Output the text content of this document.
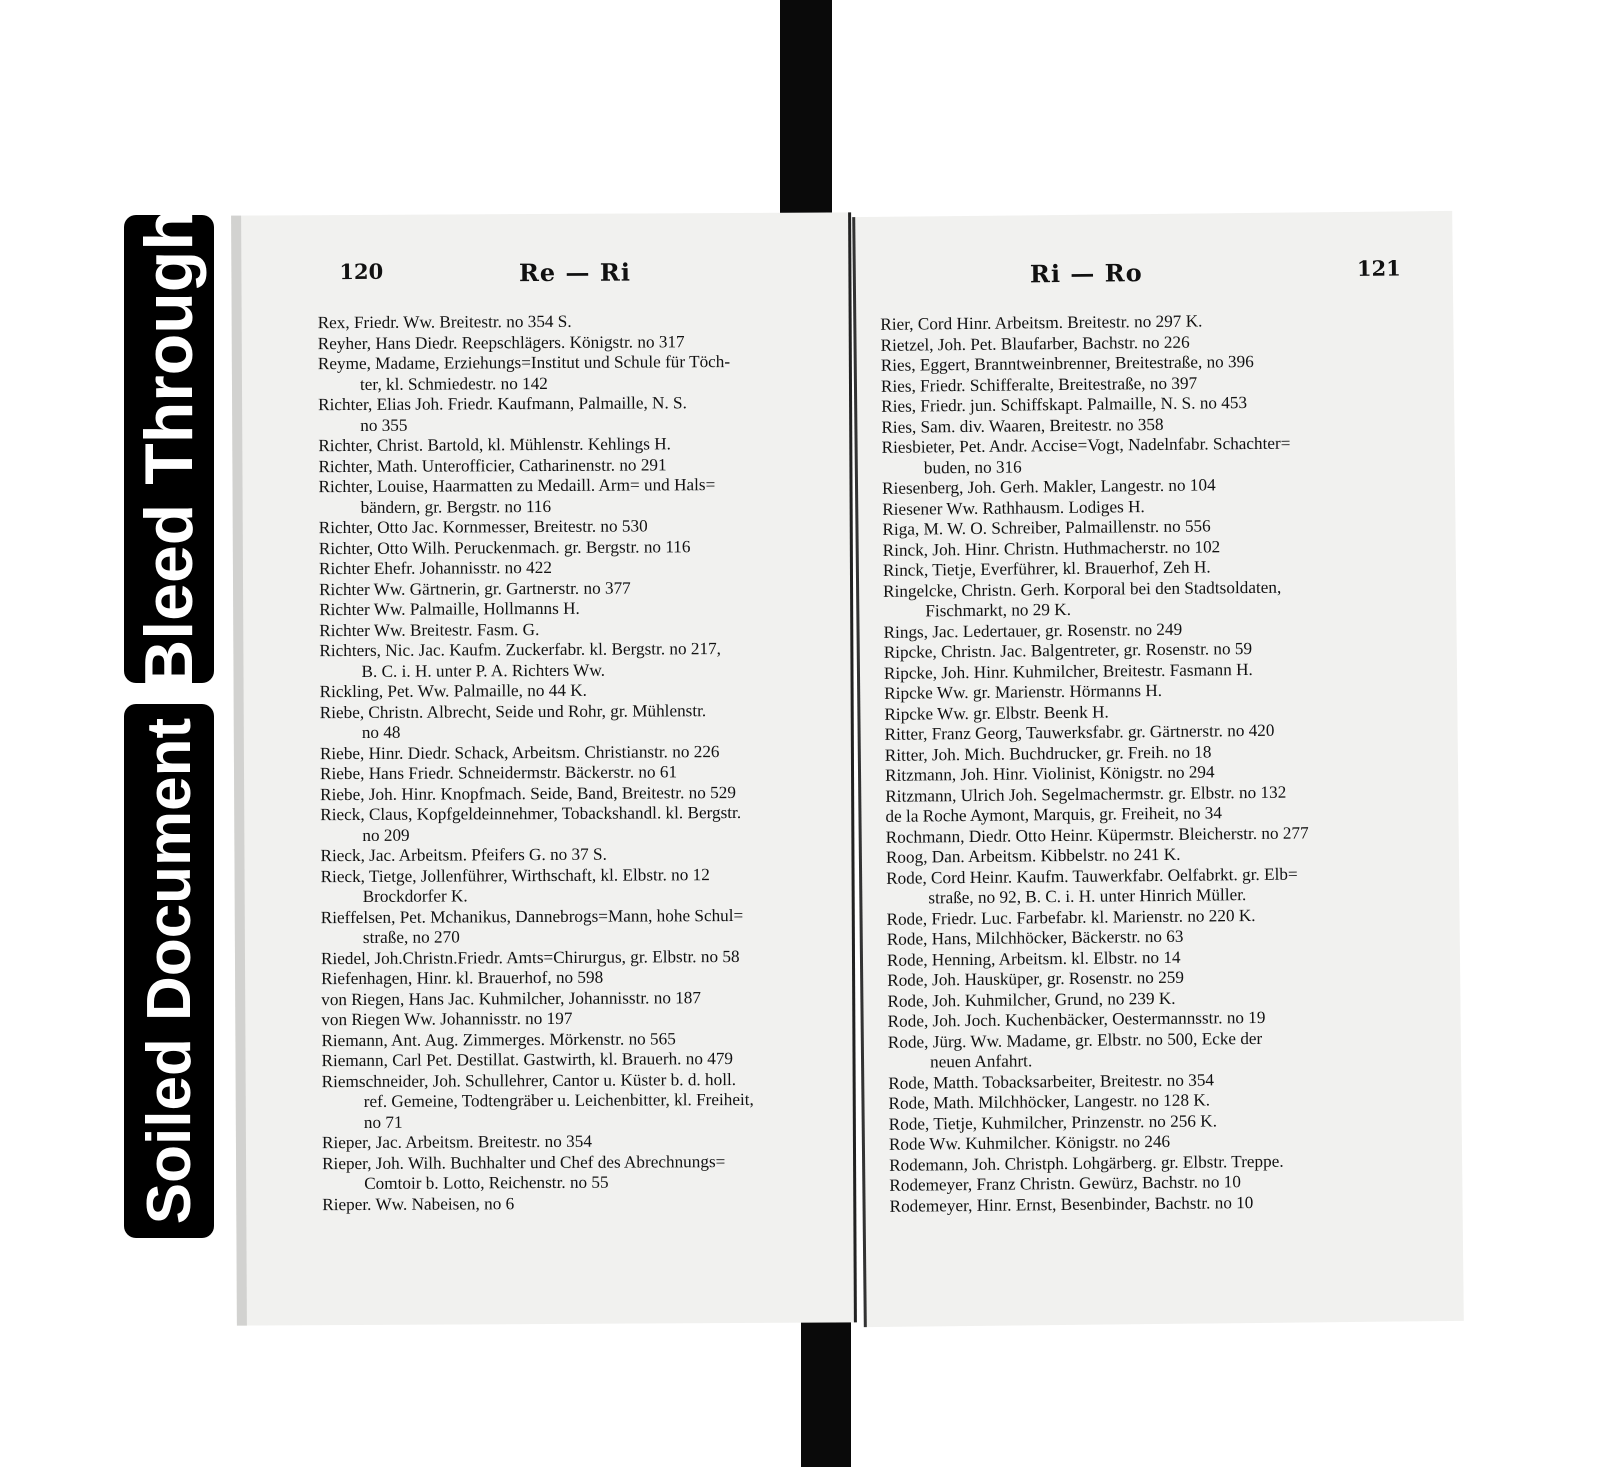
Bleed Through
Soiled Document
120	Re — Ri
Rex, Friedr. Ww. Breitestr. no 354 S.
Reyher, Hans Diedr. Reepschlägers. Königstr. no 317
Reyme, Madame, Erziehungs=Institut und Schule für Töch-
ter, kl. Schmiedestr. no 142
Richter, Elias Joh. Friedr. Kaufmann, Palmaille, N. S.
no 355
Richter, Christ. Bartold, kl. Mühlenstr. Kehlings H.
Richter, Math. Unterofficier, Catharinenstr. no 291
Richter, Louise, Haarmatten zu Medaill. Arm= und Hals=
bändern, gr. Bergstr. no 116
Richter, Otto Jac. Kornmesser, Breitestr. no 530
Richter, Otto Wilh. Peruckenmach. gr. Bergstr. no 116
Richter Ehefr. Johannisstr. no 422
Richter Ww. Gärtnerin, gr. Gartnerstr. no 377
Richter Ww. Palmaille, Hollmanns H.
Richter Ww. Breitestr. Fasm. G.
Richters, Nic. Jac. Kaufm. Zuckerfabr. kl. Bergstr. no 217,
B. C. i. H. unter P. A. Richters Ww.
Rickling, Pet. Ww. Palmaille, no 44 K.
Riebe, Christn. Albrecht, Seide und Rohr, gr. Mühlenstr.
no 48
Riebe, Hinr. Diedr. Schack, Arbeitsm. Christianstr. no 226
Riebe, Hans Friedr. Schneidermstr. Bäckerstr. no 61
Riebe, Joh. Hinr. Knopfmach. Seide, Band, Breitestr. no 529
Rieck, Claus, Kopfgeldeinnehmer, Tobackshandl. kl. Bergstr.
no 209
Rieck, Jac. Arbeitsm. Pfeifers G. no 37 S.
Rieck, Tietge, Jollenführer, Wirthschaft, kl. Elbstr. no 12
Brockdorfer K.
Rieffelsen, Pet. Mchanikus, Dannebrogs=Mann, hohe Schul=
straße, no 270
Riedel, Joh.Christn.Friedr. Amts=Chirurgus, gr. Elbstr. no 58
Riefenhagen, Hinr. kl. Brauerhof, no 598
von Riegen, Hans Jac. Kuhmilcher, Johannisstr. no 187
von Riegen Ww. Johannisstr. no 197
Riemann, Ant. Aug. Zimmerges. Mörkenstr. no 565
Riemann, Carl Pet. Destillat. Gastwirth, kl. Brauerh. no 479
Riemschneider, Joh. Schullehrer, Cantor u. Küster b. d. holl.
ref. Gemeine, Todtengräber u. Leichenbitter, kl. Freiheit,
no 71
Rieper, Jac. Arbeitsm. Breitestr. no 354
Rieper, Joh. Wilh. Buchhalter und Chef des Abrechnungs=
Comtoir b. Lotto, Reichenstr. no 55
Rieper. Ww. Nabeisen, no 6
Ri — Ro	121
Rier, Cord Hinr. Arbeitsm. Breitestr. no 297 K.
Rietzel, Joh. Pet. Blaufarber, Bachstr. no 226
Ries, Eggert, Branntweinbrenner, Breitestraße, no 396
Ries, Friedr. Schifferalte, Breitestraße, no 397
Ries, Friedr. jun. Schiffskapt. Palmaille, N. S. no 453
Ries, Sam. div. Waaren, Breitestr. no 358
Riesbieter, Pet. Andr. Accise=Vogt, Nadelnfabr. Schachter=
buden, no 316
Riesenberg, Joh. Gerh. Makler, Langestr. no 104
Riesener Ww. Rathhausm. Lodiges H.
Riga, M. W. O. Schreiber, Palmaillenstr. no 556
Rinck, Joh. Hinr. Christn. Huthmacherstr. no 102
Rinck, Tietje, Everführer, kl. Brauerhof, Zeh H.
Ringelcke, Christn. Gerh. Korporal bei den Stadtsoldaten,
Fischmarkt, no 29 K.
Rings, Jac. Ledertauer, gr. Rosenstr. no 249
Ripcke, Christn. Jac. Balgentreter, gr. Rosenstr. no 59
Ripcke, Joh. Hinr. Kuhmilcher, Breitestr. Fasmann H.
Ripcke Ww. gr. Marienstr. Hörmanns H.
Ripcke Ww. gr. Elbstr. Beenk H.
Ritter, Franz Georg, Tauwerksfabr. gr. Gärtnerstr. no 420
Ritter, Joh. Mich. Buchdrucker, gr. Freih. no 18
Ritzmann, Joh. Hinr. Violinist, Königstr. no 294
Ritzmann, Ulrich Joh. Segelmachermstr. gr. Elbstr. no 132
de la Roche Aymont, Marquis, gr. Freiheit, no 34
Rochmann, Diedr. Otto Heinr. Küpermstr. Bleicherstr. no 277
Roog, Dan. Arbeitsm. Kibbelstr. no 241 K.
Rode, Cord Heinr. Kaufm. Tauwerkfabr. Oelfabrkt. gr. Elb=
straße, no 92, B. C. i. H. unter Hinrich Müller.
Rode, Friedr. Luc. Farbefabr. kl. Marienstr. no 220 K.
Rode, Hans, Milchhöcker, Bäckerstr. no 63
Rode, Henning, Arbeitsm. kl. Elbstr. no 14
Rode, Joh. Hausküper, gr. Rosenstr. no 259
Rode, Joh. Kuhmilcher, Grund, no 239 K.
Rode, Joh. Joch. Kuchenbäcker, Oestermannsstr. no 19
Rode, Jürg. Ww. Madame, gr. Elbstr. no 500, Ecke der
neuen Anfahrt.
Rode, Matth. Tobacksarbeiter, Breitestr. no 354
Rode, Math. Milchhöcker, Langestr. no 128 K.
Rode, Tietje, Kuhmilcher, Prinzenstr. no 256 K.
Rode Ww. Kuhmilcher. Königstr. no 246
Rodemann, Joh. Christph. Lohgärberg. gr. Elbstr. Treppe.
Rodemeyer, Franz Christn. Gewürz, Bachstr. no 10
Rodemeyer, Hinr. Ernst, Besenbinder, Bachstr. no 10
